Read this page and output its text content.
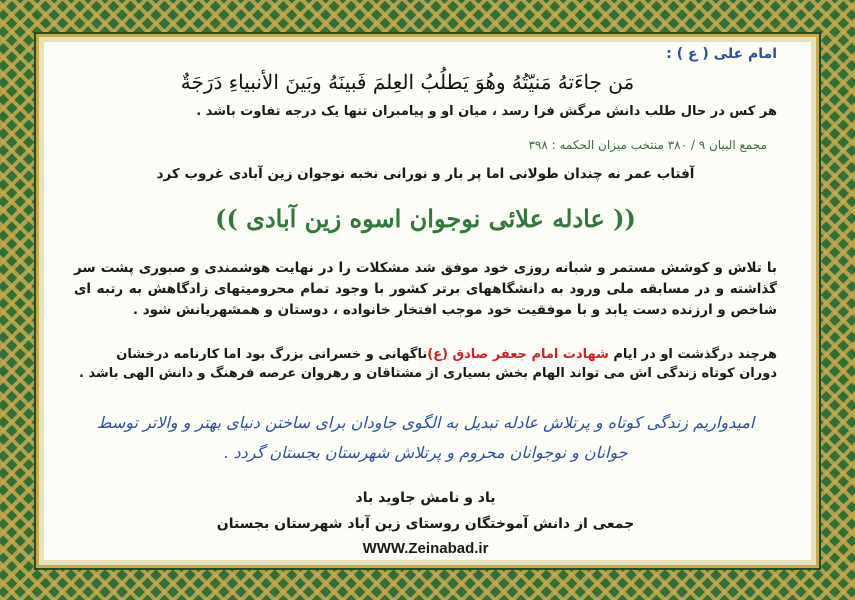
امام علی ( ع ) :
مَن جاءَتهُ مَنيّتُهُ وهُوَ يَطلُبُ العِلمَ فَبينَهُ وبَينَ الأنبياءِ دَرَجَةٌ
هر کس در حال طلب دانش مرگش فرا رسد ، میان او و پیامبران تنها یک درجه تفاوت باشد .
مجمع البیان ۹ / ۳۸۰ منتخب میزان الحکمه : ۳۹۸
آفتاب عمر نه چندان طولانی اما پر بار و نورانی نخبه نوجوان زین آبادی غروب کرد
(( عادله علائی نوجوان اسوه زین آبادی ))
با تلاش و کوشش مستمر و شبانه روزی خود موفق شد مشکلات را در نهایت هوشمندی و صبوری پشت سر گذاشته و در مسابقه ملی ورود به دانشگاههای برتر کشور با وجود تمام محرومیتهای زادگاهش به رتبه ای شاخص و ارزنده دست یابد و با موفقیت خود موجب افتخار خانواده ، دوستان و همشهریانش شود .
هرچند درگذشت او در ایام شهادت امام جعفر صادق (ع)ناگهانی و خسرانی بزرگ بود اما کارنامه درخشان دوران کوتاه زندگی اش می تواند الهام بخش بسیاری از مشتاقان و رهروان عرصه فرهنگ و دانش الهی باشد .
امیدواریم زندگی کوتاه و پرتلاش عادله تبدیل به الگوی جاودان برای ساختن دنیای بهتر و والاتر توسط جوانان و نوجوانان محروم و پرتلاش شهرستان بجستان گردد .
یاد و نامش جاوید باد
جمعی از دانش آموختگان روستای زین آباد شهرستان بجستان
WWW.Zeinabad.ir
